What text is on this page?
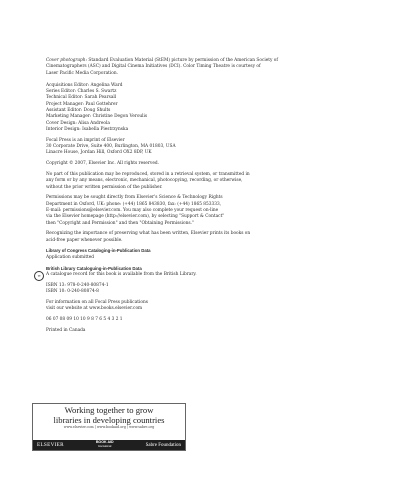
Cover photograph: Standard Evaluation Material (StEM) picture by permission of the American Society of

Cinematographers (ASC) and Digital Cinema Initiatives (DCI). Color Timing Theatre is courtesy of

Laser Pacific Media Corporation.

Acquisitions Editor: Angelina Ward

Series Editor: Charles S. Swartz

Technical Editor: Sarah Pearsall

Project Manager: Paul Gottehrer

Assistant Editor: Doug Shults

Marketing Manager: Christine Degon Veroulis

Cover Design: Alisa Andreola

Interior Design: Isabella Piestrzynska

Focal Press is an imprint of Elsevier

30 Corporate Drive, Suite 400, Burlington, MA 01803, USA

Linacre House, Jordan Hill, Oxford OX2 8DP, UK

Copyright © 2007, Elsevier Inc. All rights reserved.

No part of this publication may be reproduced, stored in a retrieval system, or transmitted in

any form or by any means, electronic, mechanical, photocopying, recording, or otherwise,

without the prior written permission of the publisher.

Permissions may be sought directly from Elsevier's Science & Technology Rights

Department in Oxford, UK: phone: (+44) 1865 843830, fax: (+44) 1865 853333,

E-mail: permissions@elsevier.com. You may also complete your request on-line

via the Elsevier homepage (http://elsevier.com), by selecting "Support & Contact"

then "Copyright and Permission" and then "Obtaining Permissions."

Recognizing the importance of preserving what has been written, Elsevier prints its books on

acid-free paper whenever possible.

Library of Congress Cataloging-in-Publication Data

Application submitted

British Library Cataloguing-in-Publication Data

A catalogue record for this book is available from the British Library.

ISBN 13: 978-0-240-80874-1

ISBN 10: 0-240-80874-8

For information on all Focal Press publications

visit our website at www.books.elsevier.com

06 07 08 09 10 10 9 8 7 6 5 4 3 2 1

Printed in Canada

∞
Working together to grow
libraries in developing countries
www.elsevier.com | www.bookaid.org | www.sabre.org
ELSEVIER	BOOK AID
International	Sabre Foundation
